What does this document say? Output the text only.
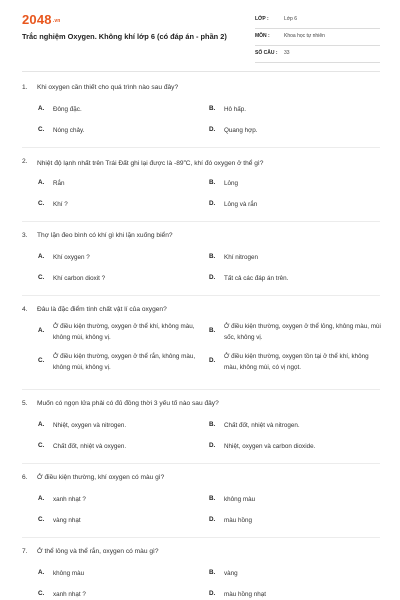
2048.vn
Trắc nghiệm Oxygen. Không khí lớp 6 (có đáp án - phần 2)
LỚP :	Lớp 6
MÔN :	Khoa học tự nhiên
SỐ CÂU : 33
1. Khi oxygen cần thiết cho quá trình nào sau đây?
A. Đông đặc.	B. Hô hấp.
C. Nóng chảy.	D. Quang hợp.
2. Nhiệt độ lạnh nhất trên Trái Đất ghi lại được là -89$^o$C, khí đó oxygen ở thể gì?
A. Rắn	B. Lỏng
C. Khí ?	D. Lỏng và rắn
3. Thợ lặn đeo bình có khí gì khi lặn xuống biển?
A. Khí oxygen ?	B. Khí nitrogen
C. Khí carbon dioxit ?	D. Tất cả các đáp án trên.
4. Đâu là đặc điểm tính chất vật lí của oxygen?
A.
Ở điều kiện thường, oxygen ở thể khí, không màu, không mùi, không vị.
B.
Ở điều kiện thường, oxygen ở thể lỏng, không màu, mùi sốc, không vị.
C.
Ở điều kiện thường, oxygen ở thể rắn, không màu, không mùi, không vị.
D.
Ở điều kiện thường, oxygen tồn tại ở thể khí, không màu, không mùi, có vị ngọt.
5. Muốn có ngọn lửa phải có đủ đồng thời 3 yếu tố nào sau đây?
A. Nhiệt, oxygen và nitrogen.	B. Chất đốt, nhiệt và nitrogen.
C. Chất đốt, nhiệt và oxygen.	D. Nhiệt, oxygen và carbon dioxide.
6. Ở điều kiện thường, khí oxygen có màu gì?
A. xanh nhạt ?	B. không màu
C. vàng nhạt	D. màu hồng
7. Ở thể lỏng và thể rắn, oxygen có màu gì?
A. không màu	B. vàng
C. xanh nhạt ?	D. màu hồng nhạt
